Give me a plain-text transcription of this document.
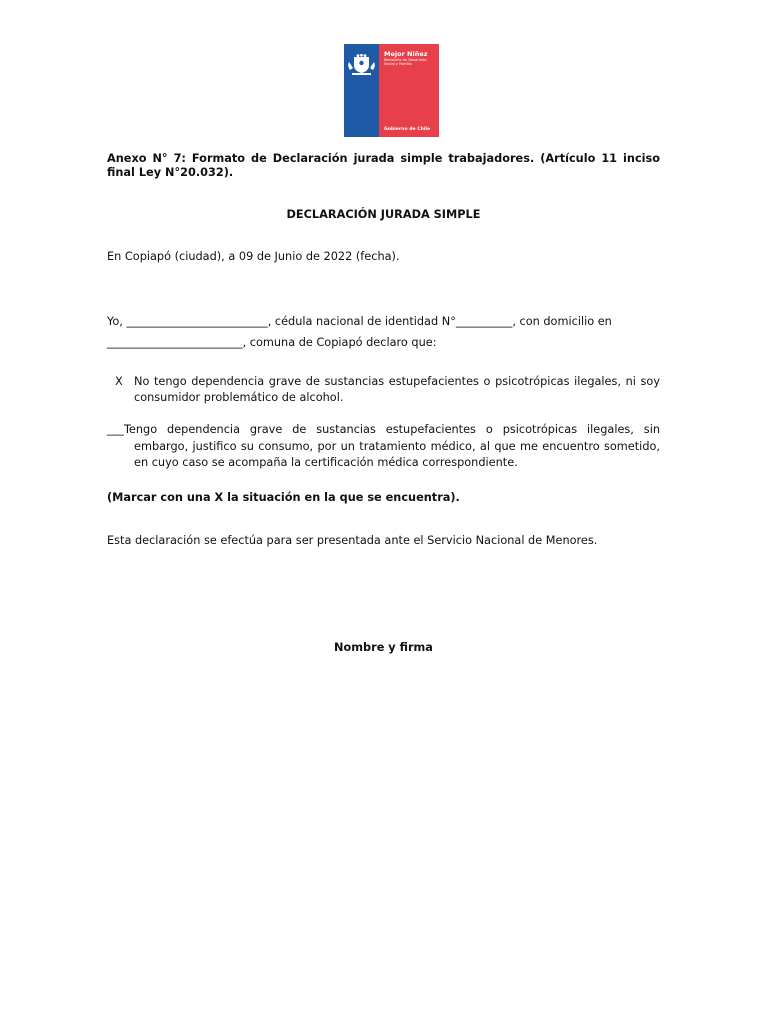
Mejor Niñez
Ministerio de Desarrollo Social y Familia
Gobierno de Chile
Anexo N° 7: Formato de Declaración jurada simple trabajadores. (Artículo 11 inciso
final Ley N°20.032).
DECLARACIÓN JURADA SIMPLE
En Copiapó (ciudad), a 09 de Junio de 2022 (fecha).
Yo, _________________________, cédula nacional de identidad N°__________, con domicilio en
________________________, comuna de Copiapó declaro que:
X No tengo dependencia grave de sustancias estupefacientes o psicotrópicas ilegales, ni soy
consumidor problemático de alcohol.
___Tengo dependencia grave de sustancias estupefacientes o psicotrópicas ilegales, sin
embargo, justifico su consumo, por un tratamiento médico, al que me encuentro sometido, en cuyo caso se acompaña la certificación médica correspondiente.
(Marcar con una X la situación en la que se encuentra).
Esta declaración se efectúa para ser presentada ante el Servicio Nacional de Menores.
Nombre y firma
